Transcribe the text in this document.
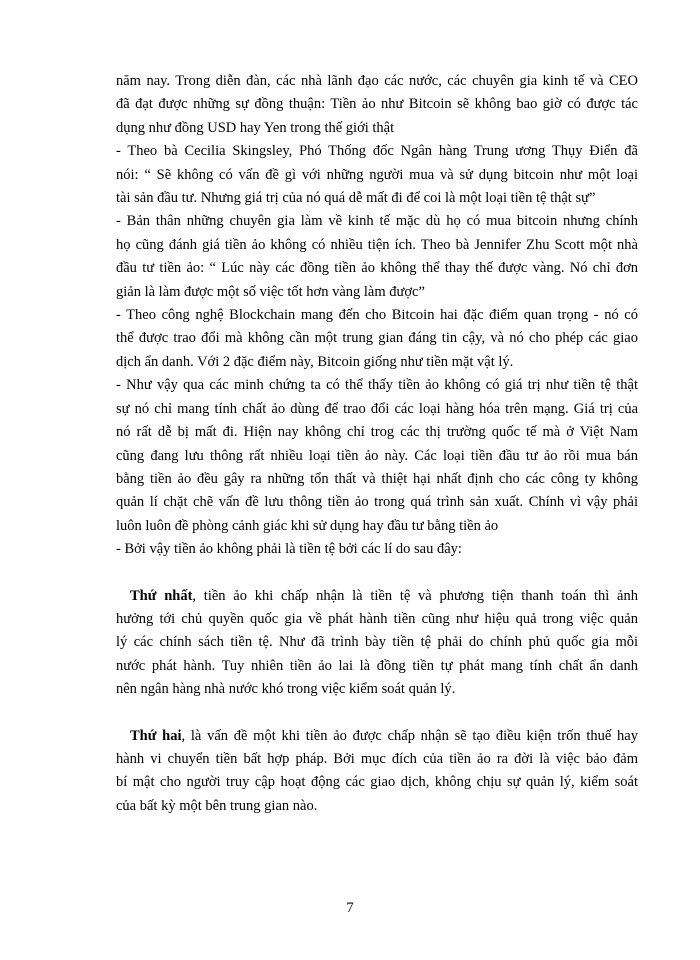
năm nay. Trong diễn đàn, các nhà lãnh đạo các nước, các chuyên gia kinh tế và CEO
đã đạt được những sự đồng thuận: Tiền ảo như Bitcoin sẽ không bao giờ có được tác
dụng như đồng USD hay Yen trong thế giới thật
- Theo bà Cecilia Skingsley, Phó Thống đốc Ngân hàng Trung ương Thụy Điển đã
nói: “ Sẽ không có vấn đề gì với những người mua và sử dụng bitcoin như một loại
tài sản đầu tư. Nhưng giá trị của nó quá dễ mất đi để coi là một loại tiền tệ thật sự”
- Bản thân những chuyên gia làm về kinh tế mặc dù họ có mua bitcoin nhưng chính
họ cũng đánh giá tiền ảo không có nhiều tiện ích. Theo bà Jennifer Zhu Scott một nhà
đầu tư tiền ảo: “ Lúc này các đồng tiền ảo không thể thay thế được vàng. Nó chỉ đơn
giản là làm được một số việc tốt hơn vàng làm được”
- Theo công nghệ Blockchain mang đến cho Bitcoin hai đặc điểm quan trọng - nó có
thể được trao đổi mà không cần một trung gian đáng tin cậy, và nó cho phép các giao
dịch ẩn danh. Với 2 đặc điểm này, Bitcoin giống như tiền mặt vật lý.
- Như vậy qua các minh chứng ta có thể thấy tiền ảo không có giá trị như tiền tệ thật
sự nó chỉ mang tính chất ảo dùng để trao đổi các loại hàng hóa trên mạng. Giá trị của
nó rất dễ bị mất đi. Hiện nay không chỉ trog các thị trường quốc tế mà ở Việt Nam
cũng đang lưu thông rất nhiều loại tiền ảo này. Các loại tiền đầu tư ảo rồi mua bán
bằng tiền ảo đều gây ra những tổn thất và thiệt hại nhất định cho các công ty không
quản lí chặt chẽ vấn đề lưu thông tiền ảo trong quá trình sản xuất. Chính vì vậy phải
luôn luôn đề phòng cảnh giác khi sử dụng hay đầu tư bằng tiền ảo
- Bởi vậy tiền ảo không phải là tiền tệ bởi các lí do sau đây:
Thứ nhất, tiền ảo khi chấp nhận là tiền tệ và phương tiện thanh toán thì ảnh
hưởng tới chủ quyền quốc gia về phát hành tiền cũng như hiệu quả trong việc quản
lý các chính sách tiền tệ. Như đã trình bày tiền tệ phải do chính phủ quốc gia mỗi
nước phát hành. Tuy nhiên tiền ảo lai là đồng tiền tự phát mang tính chất ẩn danh
nên ngân hàng nhà nước khó trong việc kiểm soát quản lý.
Thứ hai, là vấn đề một khi tiền ảo được chấp nhận sẽ tạo điều kiện trốn thuế hay
hành vi chuyển tiền bất hợp pháp. Bởi mục đích của tiền ảo ra đời là việc bảo đảm
bí mật cho người truy cập hoạt động các giao dịch, không chịu sự quản lý, kiểm soát
của bất kỳ một bên trung gian nào.
7
